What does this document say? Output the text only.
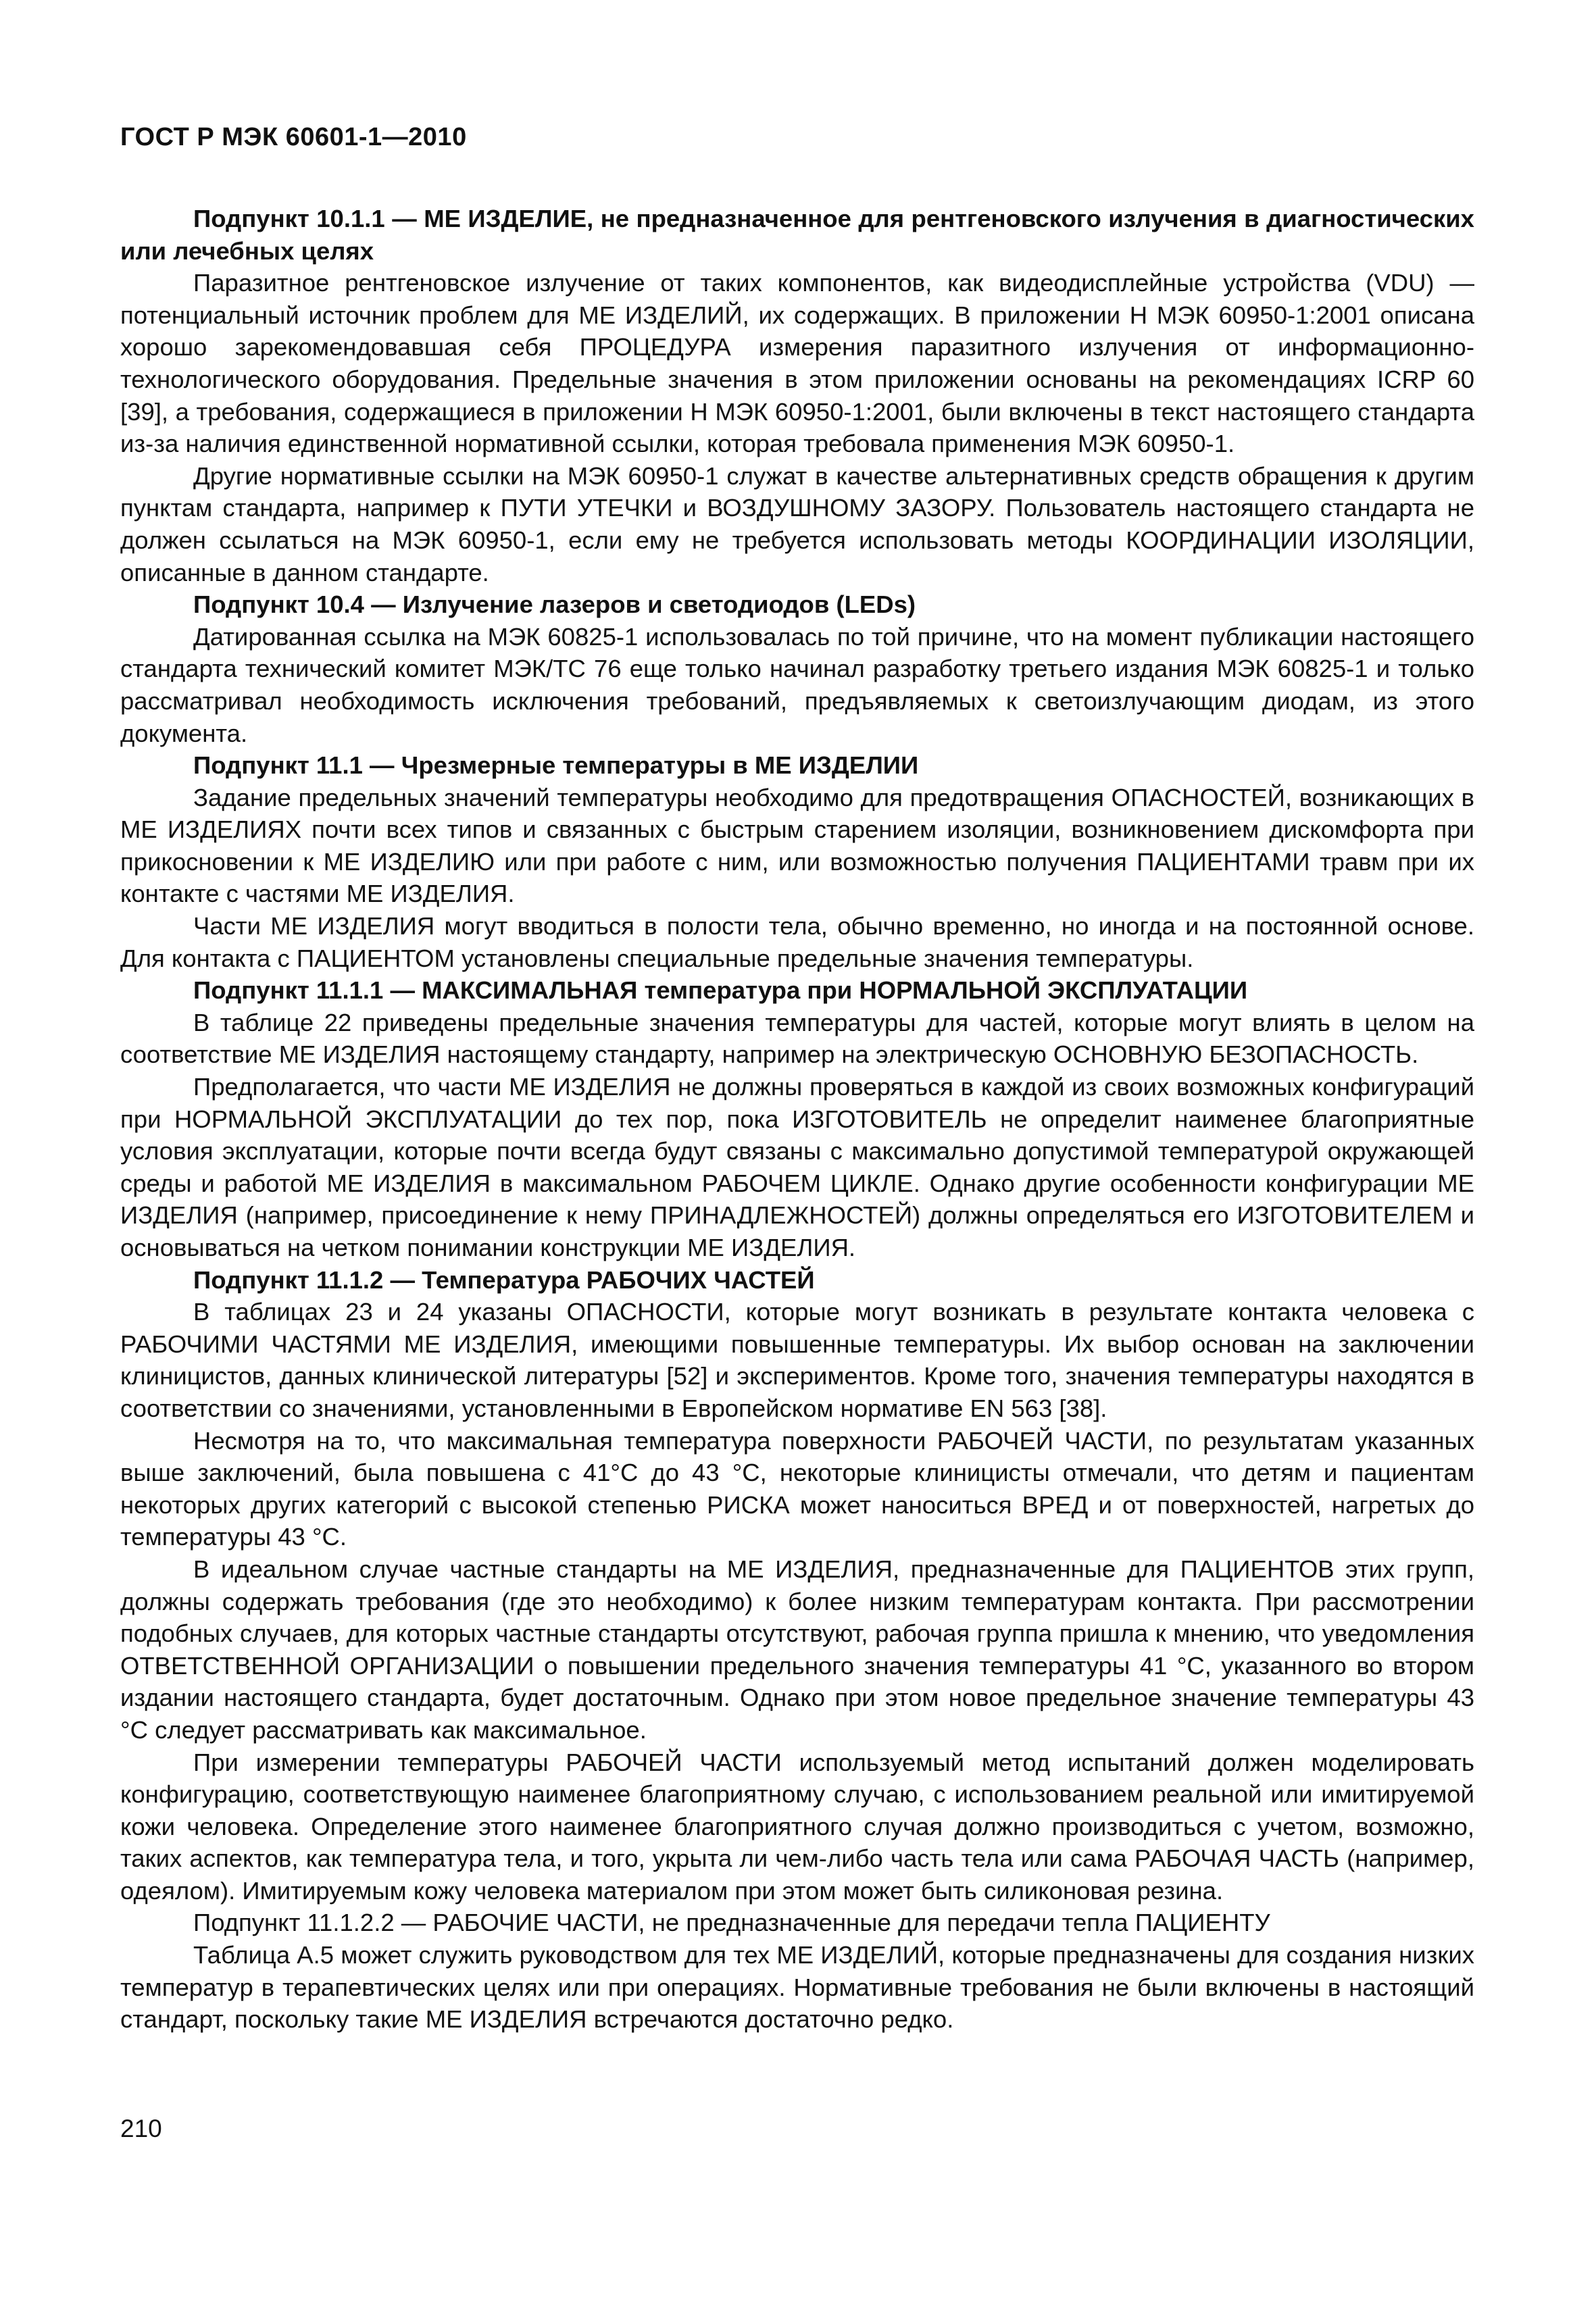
ГОСТ Р МЭК 60601-1—2010

Подпункт 10.1.1 — МЕ ИЗДЕЛИЕ, не предназначенное для рентгеновского излучения в диагностических или лечебных целях

Паразитное рентгеновское излучение от таких компонентов, как видеодисплейные устройства (VDU) — потенциальный источник проблем для МЕ ИЗДЕЛИЙ, их содержащих. В приложении Н МЭК 60950-1:2001 описана хорошо зарекомендовавшая себя ПРОЦЕДУРА измерения паразитного излучения от информационно-технологического оборудования. Предельные значения в этом приложении основаны на рекомендациях ICRP 60 [39], а требования, содержащиеся в приложении Н МЭК 60950-1:2001, были включены в текст настоящего стандарта из-за наличия единственной нормативной ссылки, которая требовала применения МЭК 60950-1.

Другие нормативные ссылки на МЭК 60950-1 служат в качестве альтернативных средств обращения к другим пунктам стандарта, например к ПУТИ УТЕЧКИ и ВОЗДУШНОМУ ЗАЗОРУ. Пользователь настоящего стандарта не должен ссылаться на МЭК 60950-1, если ему не требуется использовать методы КООРДИНАЦИИ ИЗОЛЯЦИИ, описанные в данном стандарте.

Подпункт 10.4 — Излучение лазеров и светодиодов (LEDs)

Датированная ссылка на МЭК 60825-1 использовалась по той причине, что на момент публикации настоящего стандарта технический комитет МЭК/ТС 76 еще только начинал разработку третьего издания МЭК 60825-1 и только рассматривал необходимость исключения требований, предъявляемых к светоизлучающим диодам, из этого документа.

Подпункт 11.1 — Чрезмерные температуры в МЕ ИЗДЕЛИИ

Задание предельных значений температуры необходимо для предотвращения ОПАСНОСТЕЙ, возникающих в МЕ ИЗДЕЛИЯХ почти всех типов и связанных с быстрым старением изоляции, возникновением дискомфорта при прикосновении к МЕ ИЗДЕЛИЮ или при работе с ним, или возможностью получения ПАЦИЕНТАМИ травм при их контакте с частями МЕ ИЗДЕЛИЯ.

Части МЕ ИЗДЕЛИЯ могут вводиться в полости тела, обычно временно, но иногда и на постоянной основе. Для контакта с ПАЦИЕНТОМ установлены специальные предельные значения температуры.

Подпункт 11.1.1 — МАКСИМАЛЬНАЯ температура при НОРМАЛЬНОЙ ЭКСПЛУАТАЦИИ

В таблице 22 приведены предельные значения температуры для частей, которые могут влиять в целом на соответствие МЕ ИЗДЕЛИЯ настоящему стандарту, например на электрическую ОСНОВНУЮ БЕЗОПАСНОСТЬ.

Предполагается, что части МЕ ИЗДЕЛИЯ не должны проверяться в каждой из своих возможных конфигураций при НОРМАЛЬНОЙ ЭКСПЛУАТАЦИИ до тех пор, пока ИЗГОТОВИТЕЛЬ не определит наименее благоприятные условия эксплуатации, которые почти всегда будут связаны с максимально допустимой температурой окружающей среды и работой МЕ ИЗДЕЛИЯ в максимальном РАБОЧЕМ ЦИКЛЕ. Однако другие особенности конфигурации МЕ ИЗДЕЛИЯ (например, присоединение к нему ПРИНАДЛЕЖНОСТЕЙ) должны определяться его ИЗГОТОВИТЕЛЕМ и основываться на четком понимании конструкции МЕ ИЗДЕЛИЯ.

Подпункт 11.1.2 — Температура РАБОЧИХ ЧАСТЕЙ

В таблицах 23 и 24 указаны ОПАСНОСТИ, которые могут возникать в результате контакта человека с РАБОЧИМИ ЧАСТЯМИ МЕ ИЗДЕЛИЯ, имеющими повышенные температуры. Их выбор основан на заключении клиницистов, данных клинической литературы [52] и экспериментов. Кроме того, значения температуры находятся в соответствии со значениями, установленными в Европейском нормативе EN 563 [38].

Несмотря на то, что максимальная температура поверхности РАБОЧЕЙ ЧАСТИ, по результатам указанных выше заключений, была повышена с 41°С до 43 °С, некоторые клиницисты отмечали, что детям и пациентам некоторых других категорий с высокой степенью РИСКА может наноситься ВРЕД и от поверхностей, нагретых до температуры 43 °С.

В идеальном случае частные стандарты на МЕ ИЗДЕЛИЯ, предназначенные для ПАЦИЕНТОВ этих групп, должны содержать требования (где это необходимо) к более низким температурам контакта. При рассмотрении подобных случаев, для которых частные стандарты отсутствуют, рабочая группа пришла к мнению, что уведомления ОТВЕТСТВЕННОЙ ОРГАНИЗАЦИИ о повышении предельного значения температуры 41 °С, указанного во втором издании настоящего стандарта, будет достаточным. Однако при этом новое предельное значение температуры 43 °С следует рассматривать как максимальное.

При измерении температуры РАБОЧЕЙ ЧАСТИ используемый метод испытаний должен моделировать конфигурацию, соответствующую наименее благоприятному случаю, с использованием реальной или имитируемой кожи человека. Определение этого наименее благоприятного случая должно производиться с учетом, возможно, таких аспектов, как температура тела, и того, укрыта ли чем-либо часть тела или сама РАБОЧАЯ ЧАСТЬ (например, одеялом). Имитируемым кожу человека материалом при этом может быть силиконовая резина.

Подпункт 11.1.2.2 — РАБОЧИЕ ЧАСТИ, не предназначенные для передачи тепла ПАЦИЕНТУ

Таблица А.5 может служить руководством для тех МЕ ИЗДЕЛИЙ, которые предназначены для создания низких температур в терапевтических целях или при операциях. Нормативные требования не были включены в настоящий стандарт, поскольку такие МЕ ИЗДЕЛИЯ встречаются достаточно редко.

210
